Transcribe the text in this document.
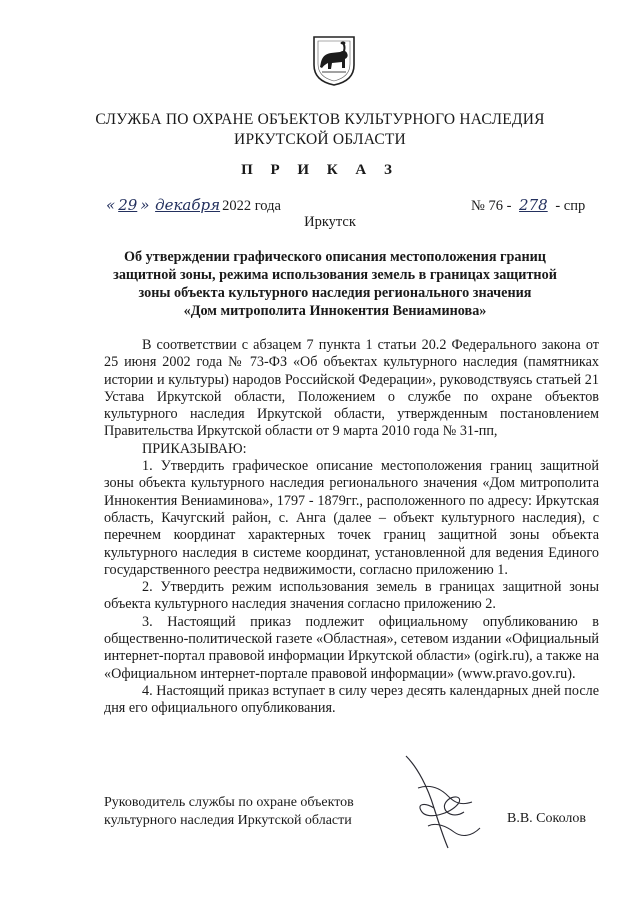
СЛУЖБА ПО ОХРАНЕ ОБЪЕКТОВ КУЛЬТУРНОГО НАСЛЕДИЯ
ИРКУТСКОЙ ОБЛАСТИ
П Р И К А З
« 29 » декабря 2022 года	№ 76 - 278 - спр
Иркутск
Об утверждении графического описания местоположения границ
защитной зоны, режима использования земель в границах защитной
зоны объекта культурного наследия регионального значения
«Дом митрополита Иннокентия Вениаминова»

В соответствии с абзацем 7 пункта 1 статьи 20.2 Федерального закона от 25 июня 2002 года № 73-ФЗ «Об объектах культурного наследия (памятниках истории и культуры) народов Российской Федерации», руководствуясь статьей 21 Устава Иркутской области, Положением о службе по охране объектов культурного наследия Иркутской области, утвержденным постановлением Правительства Иркутской области от 9 марта 2010 года № 31-пп,

ПРИКАЗЫВАЮ:

1. Утвердить графическое описание местоположения границ защитной зоны объекта культурного наследия регионального значения «Дом митрополита Иннокентия Вениаминова», 1797 - 1879гг., расположенного по адресу: Иркутская область, Качугский район, с. Анга (далее – объект культурного наследия), с перечнем координат характерных точек границ защитной зоны объекта культурного наследия в системе координат, установленной для ведения Единого государственного реестра недвижимости, согласно приложению 1.

2. Утвердить режим использования земель в границах защитной зоны объекта культурного наследия значения согласно приложению 2.

3. Настоящий приказ подлежит официальному опубликованию в общественно-политической газете «Областная», сетевом издании «Официальный интернет-портал правовой информации Иркутской области» (ogirk.ru), а также на «Официальном интернет-портале правовой информации» (www.pravo.gov.ru).

4. Настоящий приказ вступает в силу через десять календарных дней после дня его официального опубликования.

Руководитель службы по охране объектов
культурного наследия Иркутской области	В.В. Соколов
